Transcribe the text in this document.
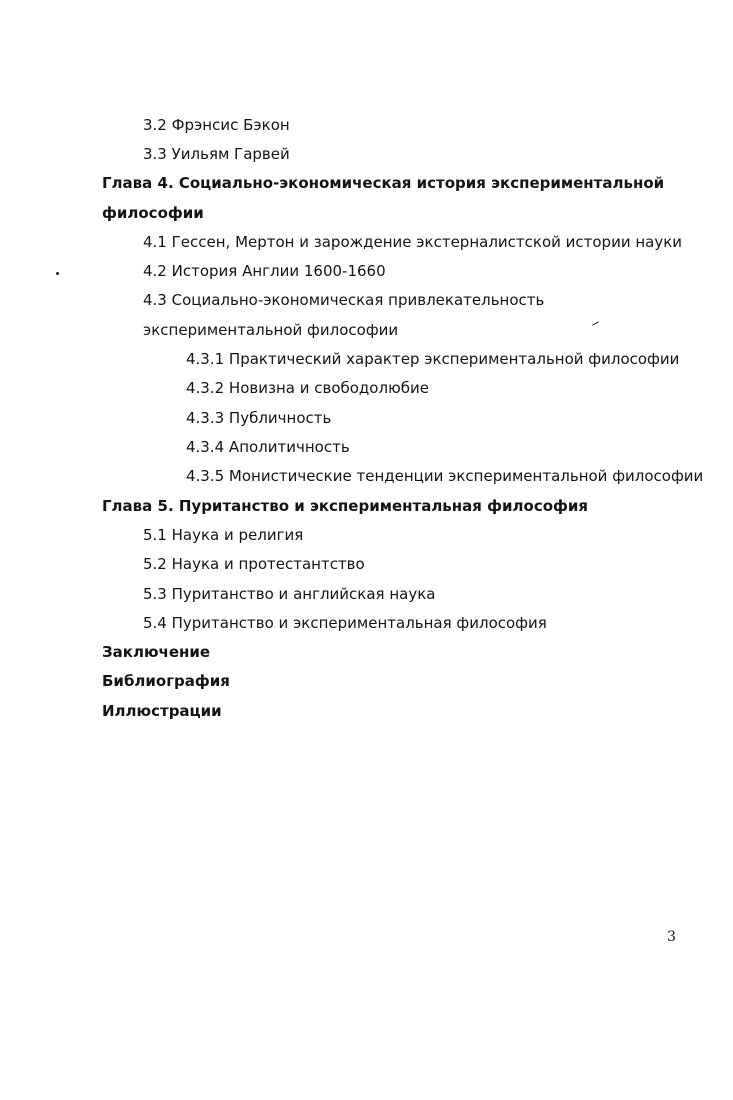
3.2 Фрэнсис Бэкон
3.3 Уильям Гарвей
Глава 4. Социально-экономическая история экспериментальной
философии
4.1 Гессен, Мертон и зарождение экстерналистской истории науки
4.2 История Англии 1600-1660
4.3 Социально-экономическая привлекательность
экспериментальной философии
4.3.1 Практический характер экспериментальной философии
4.3.2 Новизна и свободолюбие
4.3.3 Публичность
4.3.4 Аполитичность
4.3.5 Монистические тенденции экспериментальной философии
Глава 5. Пуританство и экспериментальная философия
5.1 Наука и религия
5.2 Наука и протестантство
5.3 Пуританство и английская наука
5.4 Пуританство и экспериментальная философия
Заключение
Библиография
Иллюстрации
3
